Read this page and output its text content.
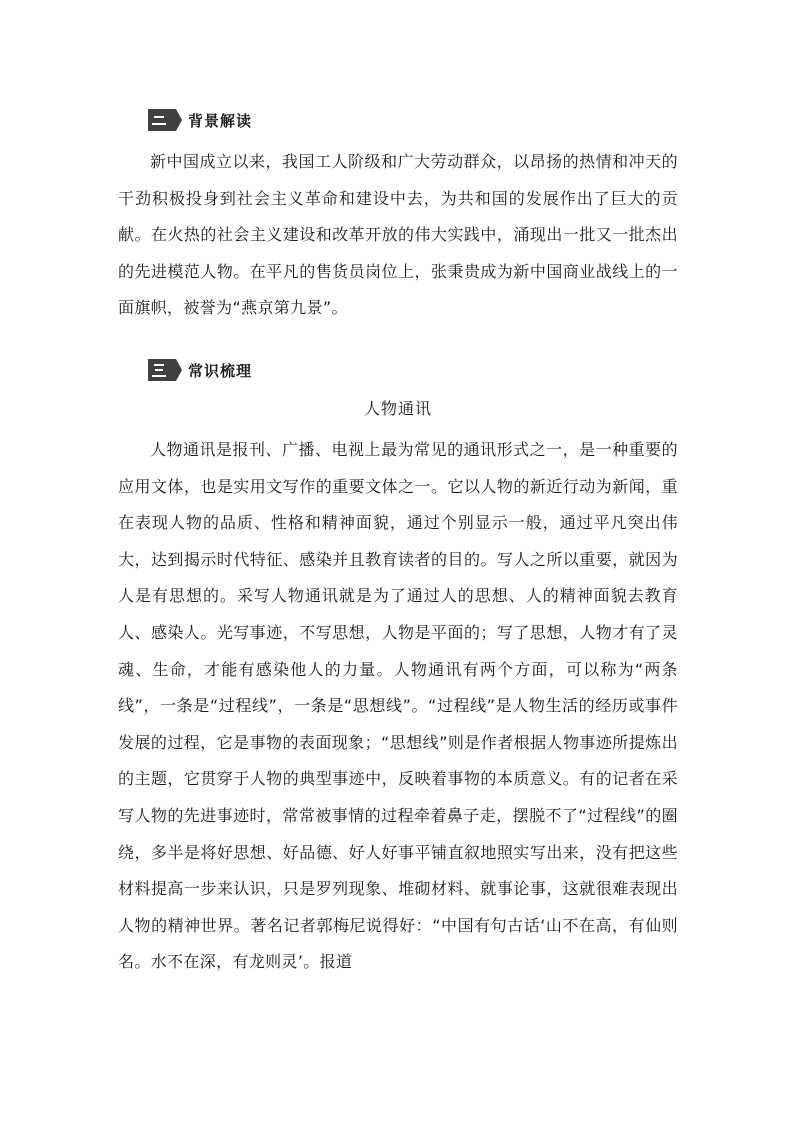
背景解读

新中国成立以来，我国工人阶级和广大劳动群众，以昂扬的热情和冲天的干劲积极投身到社会主义革命和建设中去，为共和国的发展作出了巨大的贡献。在火热的社会主义建设和改革开放的伟大实践中，涌现出一批又一批杰出的先进模范人物。在平凡的售货员岗位上，张秉贵成为新中国商业战线上的一面旗帜，被誉为“燕京第九景”。

常识梳理
人物通讯

人物通讯是报刊、广播、电视上最为常见的通讯形式之一，是一种重要的应用文体，也是实用文写作的重要文体之一。它以人物的新近行动为新闻，重在表现人物的品质、性格和精神面貌，通过个别显示一般，通过平凡突出伟大，达到揭示时代特征、感染并且教育读者的目的。写人之所以重要，就因为人是有思想的。采写人物通讯就是为了通过人的思想、人的精神面貌去教育人、感染人。光写事迹，不写思想，人物是平面的；写了思想，人物才有了灵魂、生命，才能有感染他人的力量。人物通讯有两个方面，可以称为“两条线”，一条是“过程线”，一条是“思想线”。“过程线”是人物生活的经历或事件发展的过程，它是事物的表面现象；“思想线”则是作者根据人物事迹所提炼出的主题，它贯穿于人物的典型事迹中，反映着事物的本质意义。有的记者在采写人物的先进事迹时，常常被事情的过程牵着鼻子走，摆脱不了“过程线”的圈绕，多半是将好思想、好品德、好人好事平铺直叙地照实写出来，没有把这些材料提高一步来认识，只是罗列现象、堆砌材料、就事论事，这就很难表现出人物的精神世界。著名记者郭梅尼说得好：“中国有句古话‘山不在高，有仙则名。水不在深，有龙则灵’。报道
